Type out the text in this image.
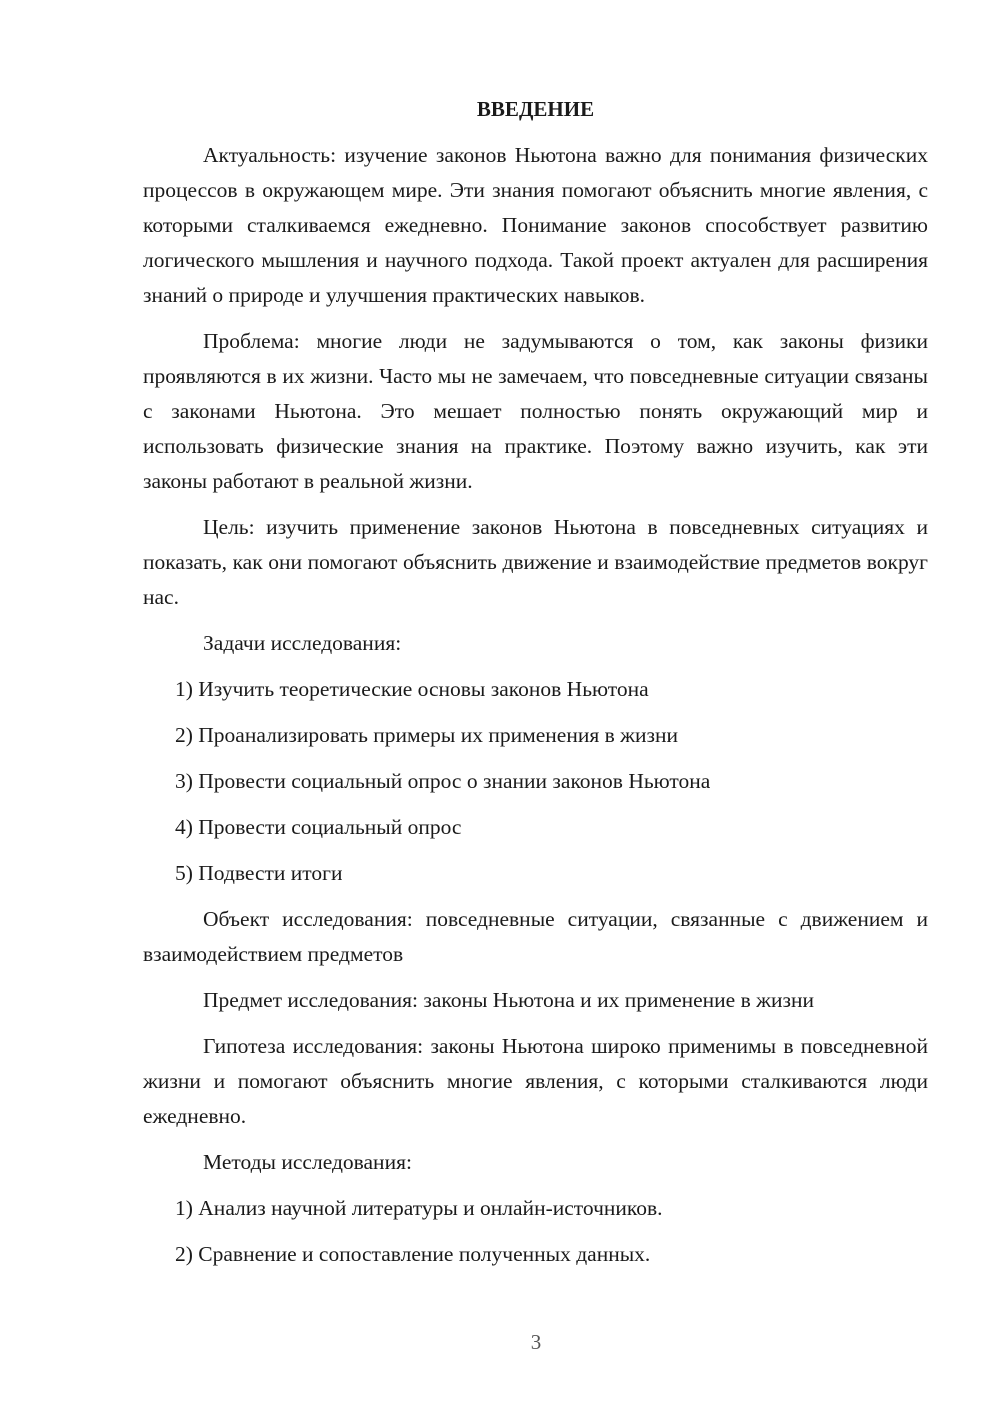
ВВЕДЕНИЕ

Актуальность: изучение законов Ньютона важно для понимания физических процессов в окружающем мире. Эти знания помогают объяснить многие явления, с которыми сталкиваемся ежедневно. Понимание законов способствует развитию логического мышления и научного подхода. Такой проект актуален для расширения знаний о природе и улучшения практических навыков.

Проблема: многие люди не задумываются о том, как законы физики проявляются в их жизни. Часто мы не замечаем, что повседневные ситуации связаны с законами Ньютона. Это мешает полностью понять окружающий мир и использовать физические знания на практике. Поэтому важно изучить, как эти законы работают в реальной жизни.

Цель: изучить применение законов Ньютона в повседневных ситуациях и показать, как они помогают объяснить движение и взаимодействие предметов вокруг нас.

Задачи исследования:

1) Изучить теоретические основы законов Ньютона
2) Проанализировать примеры их применения в жизни
3) Провести социальный опрос о знании законов Ньютона
4) Провести социальный опрос
5) Подвести итоги

Объект исследования: повседневные ситуации, связанные с движением и взаимодействием предметов

Предмет исследования: законы Ньютона и их применение в жизни

Гипотеза исследования: законы Ньютона широко применимы в повседневной жизни и помогают объяснить многие явления, с которыми сталкиваются люди ежедневно.

Методы исследования:

1) Анализ научной литературы и онлайн-источников.
2) Сравнение и сопоставление полученных данных.
3
